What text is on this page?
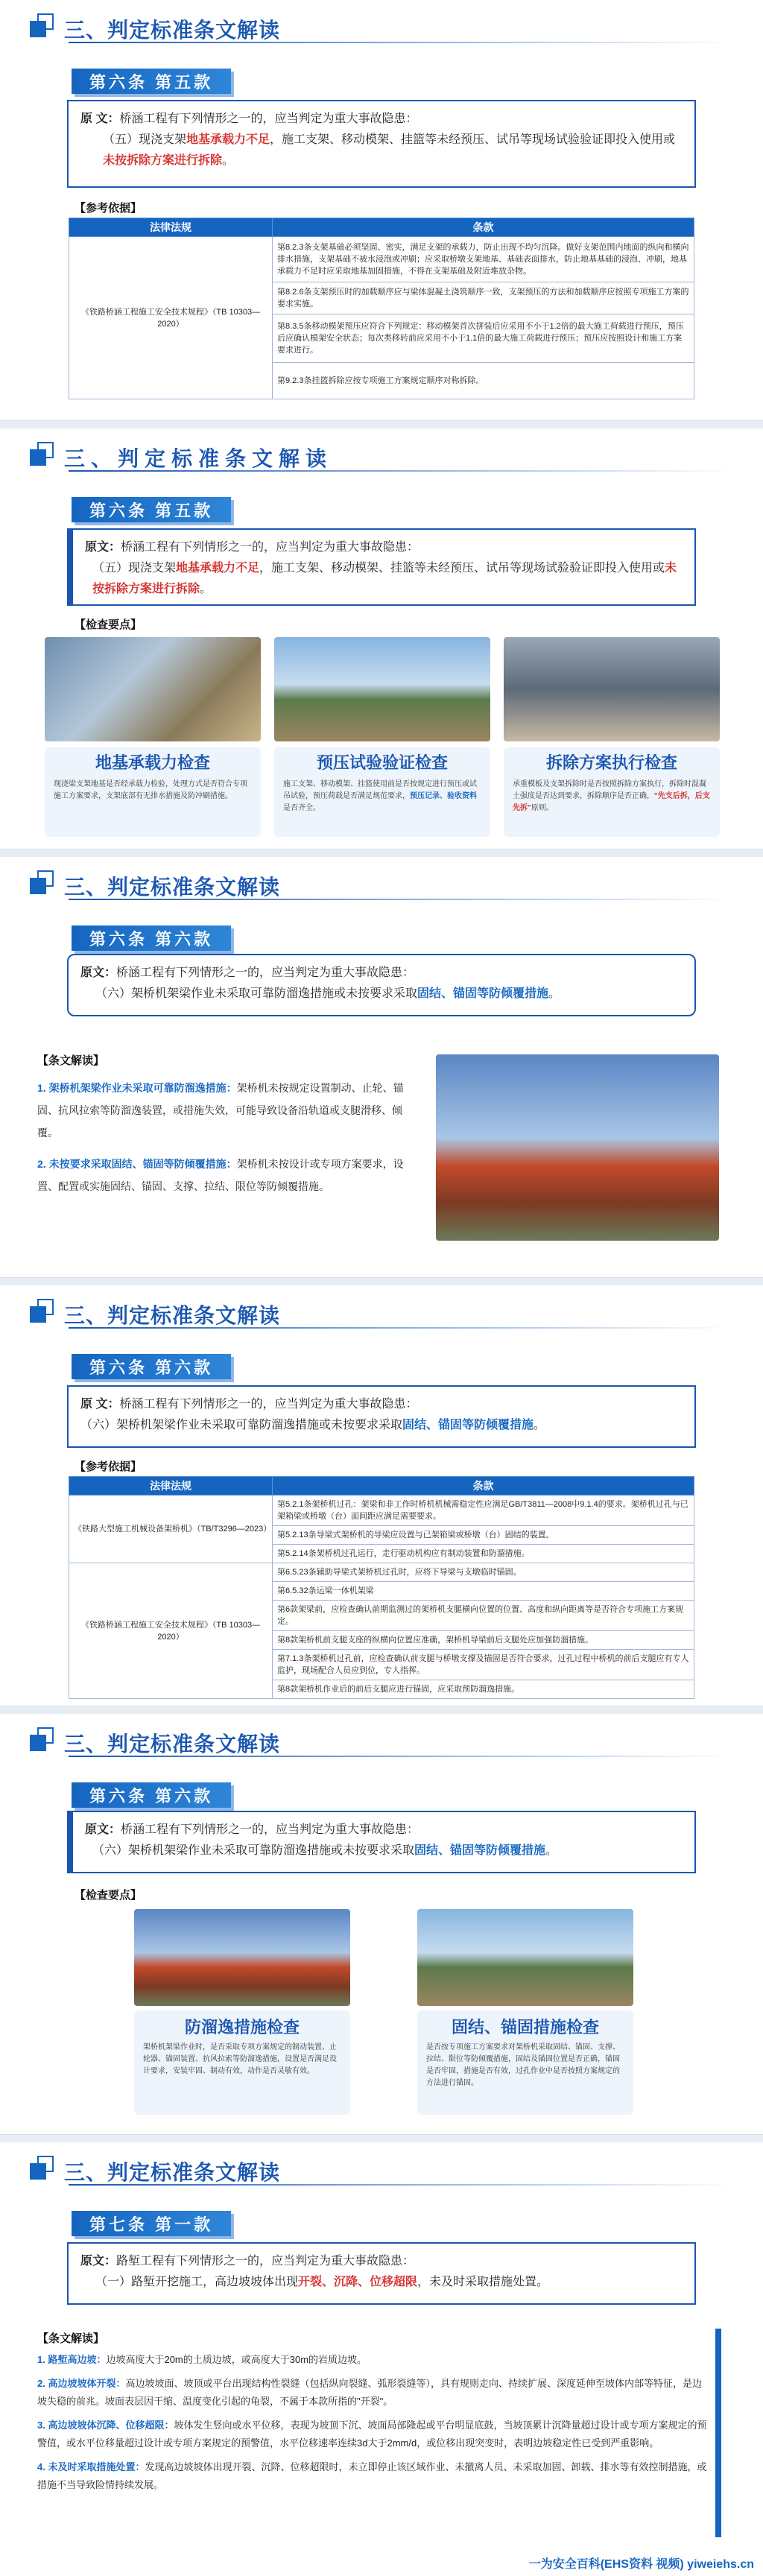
三、判定标准条文解读
第六条 第五款
原 文：桥涵工程有下列情形之一的，应当判定为重大事故隐患：
（五）现浇支架地基承载力不足，施工支架、移动模架、挂篮等未经预压、试吊等现场试验验证即投入使用或未按拆除方案进行拆除。
【参考依据】
法律法规	条款
《铁路桥涵工程施工安全技术规程》（TB 10303—2020）	第8.2.3条支架基础必须坚固、密实，满足支架的承载力，防止出现不均匀沉降。做好支架范围内地面的纵向和横向排水措施，支架基础不被水浸泡或冲刷；应采取桥墩支架地基、基础表面排水，防止地基基础的浸泡、冲刷，地基承载力不足时应采取地基加固措施，不得在支架基础及附近堆放杂物。
	第8.2.6条支架预压时的加载顺序应与梁体混凝土浇筑顺序一致，支架预压的方法和加载顺序应按照专项施工方案的要求实施。
	第8.3.5条移动模架预压应符合下列规定：移动模架首次拼装后应采用不小于1.2倍的最大施工荷载进行预压，预压后应确认模架安全状态；每次类移转前应采用不小于1.1倍的最大施工荷载进行预压；预压应按照设计和施工方案要求进行。
	第9.2.3条挂篮拆除应按专项施工方案规定顺序对称拆除。
三、判定标准条文解读
第六条 第五款
原文：桥涵工程有下列情形之一的，应当判定为重大事故隐患：
（五）现浇支架地基承载力不足，施工支架、移动模架、挂篮等未经预压、试吊等现场试验验证即投入使用或未按拆除方案进行拆除。
【检查要点】
地基承载力检查	预压试验验证检查	拆除方案执行检查
现浇梁支架地基是否经承载力检验，处理方式是否符合专项施工方案要求，支架底部有无排水措施及防冲刷措施。
施工支架、移动模架、挂篮使用前是否按规定进行预压或试吊试验，预压荷载是否满足规范要求，预压记录、验收资料是否齐全。
承重模板及支架拆除时是否按照拆除方案执行，拆除时混凝土强度是否达到要求，拆除顺序是否正确，"先支后拆，后支先拆"原则。
三、判定标准条文解读
第六条 第六款
原文：桥涵工程有下列情形之一的，应当判定为重大事故隐患：
（六）架桥机架梁作业未采取可靠防溜逸措施或未按要求采取固结、锚固等防倾覆措施。
【条文解读】
1. 架桥机架梁作业未采取可靠防溜逸措施：架桥机未按规定设置制动、止轮、锚固、抗风拉索等防溜逸装置，或措施失效，可能导致设备沿轨道或支腿滑移、倾覆。
2. 未按要求采取固结、锚固等防倾覆措施：架桥机未按设计或专项方案要求，设置、配置或实施固结、锚固、支撑、拉结、限位等防倾覆措施。
三、判定标准条文解读
第六条 第六款
原 文：桥涵工程有下列情形之一的，应当判定为重大事故隐患：
（六）架桥机架梁作业未采取可靠防溜逸措施或未按要求采取固结、锚固等防倾覆措施。
【参考依据】
法律法规	条款
《铁路大型施工机械设备架桥机》（TB/T3296—2023）	第5.2.1条架桥机过孔：架梁和非工作时桥机机械需稳定性应满足GB/T3811—2008中9.1.4的要求。架桥机过孔与已架箱梁或桥墩（台）面间距应满足需要要求。
	第5.2.13条导梁式架桥机的导梁应设置与已架箱梁或桥墩（台）固结的装置。
	第5.2.14条架桥机过孔运行，走行驱动机构应有制动装置和防溜措施。
《铁路桥涵工程施工安全技术规程》（TB 10303—2020）	第6.5.23条辅助导梁式架桥机过孔时，应将下导梁与支墩临时锚固。
	第6.5.32条运梁一体机架梁
	第6款架梁前，应检查确认前期监测过的架桥机支腿横向位置的位置、高度和纵向距离等是否符合专项施工方案规定。
	第8款架桥机前支腿支座的纵横向位置应准确，架桥机导梁前后支腿处应加强防溜措施。
	第7.1.3条架桥机过孔前，应检查确认前支腿与桥墩支撑及锚固是否符合要求，过孔过程中桥机的前后支腿应有专人监护，现场配合人员应到位，专人指挥。
	第8款架桥机作业后的前后支腿应进行锚固，应采取预防溜逸措施。
三、判定标准条文解读
第六条 第六款
原文：桥涵工程有下列情形之一的，应当判定为重大事故隐患：
（六）架桥机架梁作业未采取可靠防溜逸措施或未按要求采取固结、锚固等防倾覆措施。
【检查要点】
防溜逸措施检查	固结、锚固措施检查
架桥机架梁作业时，是否采取专项方案规定的制动装置、止轮器、锚固装置、抗风拉索等防溜逸措施，设置是否满足设计要求，安装牢固、制动有效，动作是否灵敏有效。
是否按专项施工方案要求对架桥机采取固结、锚固、支撑、拉结、限位等防倾覆措施，固结及锚固位置是否正确，锚固是否牢固，措施是否有效，过孔作业中是否按照方案规定的方法进行锚固。
三、判定标准条文解读
第七条 第一款
原文：路堑工程有下列情形之一的，应当判定为重大事故隐患：
（一）路堑开挖施工，高边坡坡体出现开裂、沉降、位移超限，未及时采取措施处置。
【条文解读】
1. 路堑高边坡：边坡高度大于20m的土质边坡，或高度大于30m的岩质边坡。
2. 高边坡坡体开裂：高边坡坡面、坡顶或平台出现结构性裂缝（包括纵向裂缝、弧形裂缝等），具有规则走向、持续扩展、深度延伸至坡体内部等特征，是边坡失稳的前兆。坡面表层因干缩、温度变化引起的龟裂，不属于本款所指的"开裂"。
3. 高边坡坡体沉降、位移超限：坡体发生竖向或水平位移，表现为坡顶下沉、坡面局部隆起或平台明显底鼓，当坡顶累计沉降量超过设计或专项方案规定的预警值，或水平位移量超过设计或专项方案规定的预警值，水平位移速率连续3d大于2mm/d，或位移出现突变时，表明边坡稳定性已受到严重影响。
4. 未及时采取措施处置：发现高边坡坡体出现开裂、沉降、位移超限时，未立即停止该区域作业、未撤离人员、未采取加固、卸载、排水等有效控制措施，或措施不当导致险情持续发展。
一为安全百科(EHS资料 视频) yiweiehs.cn
